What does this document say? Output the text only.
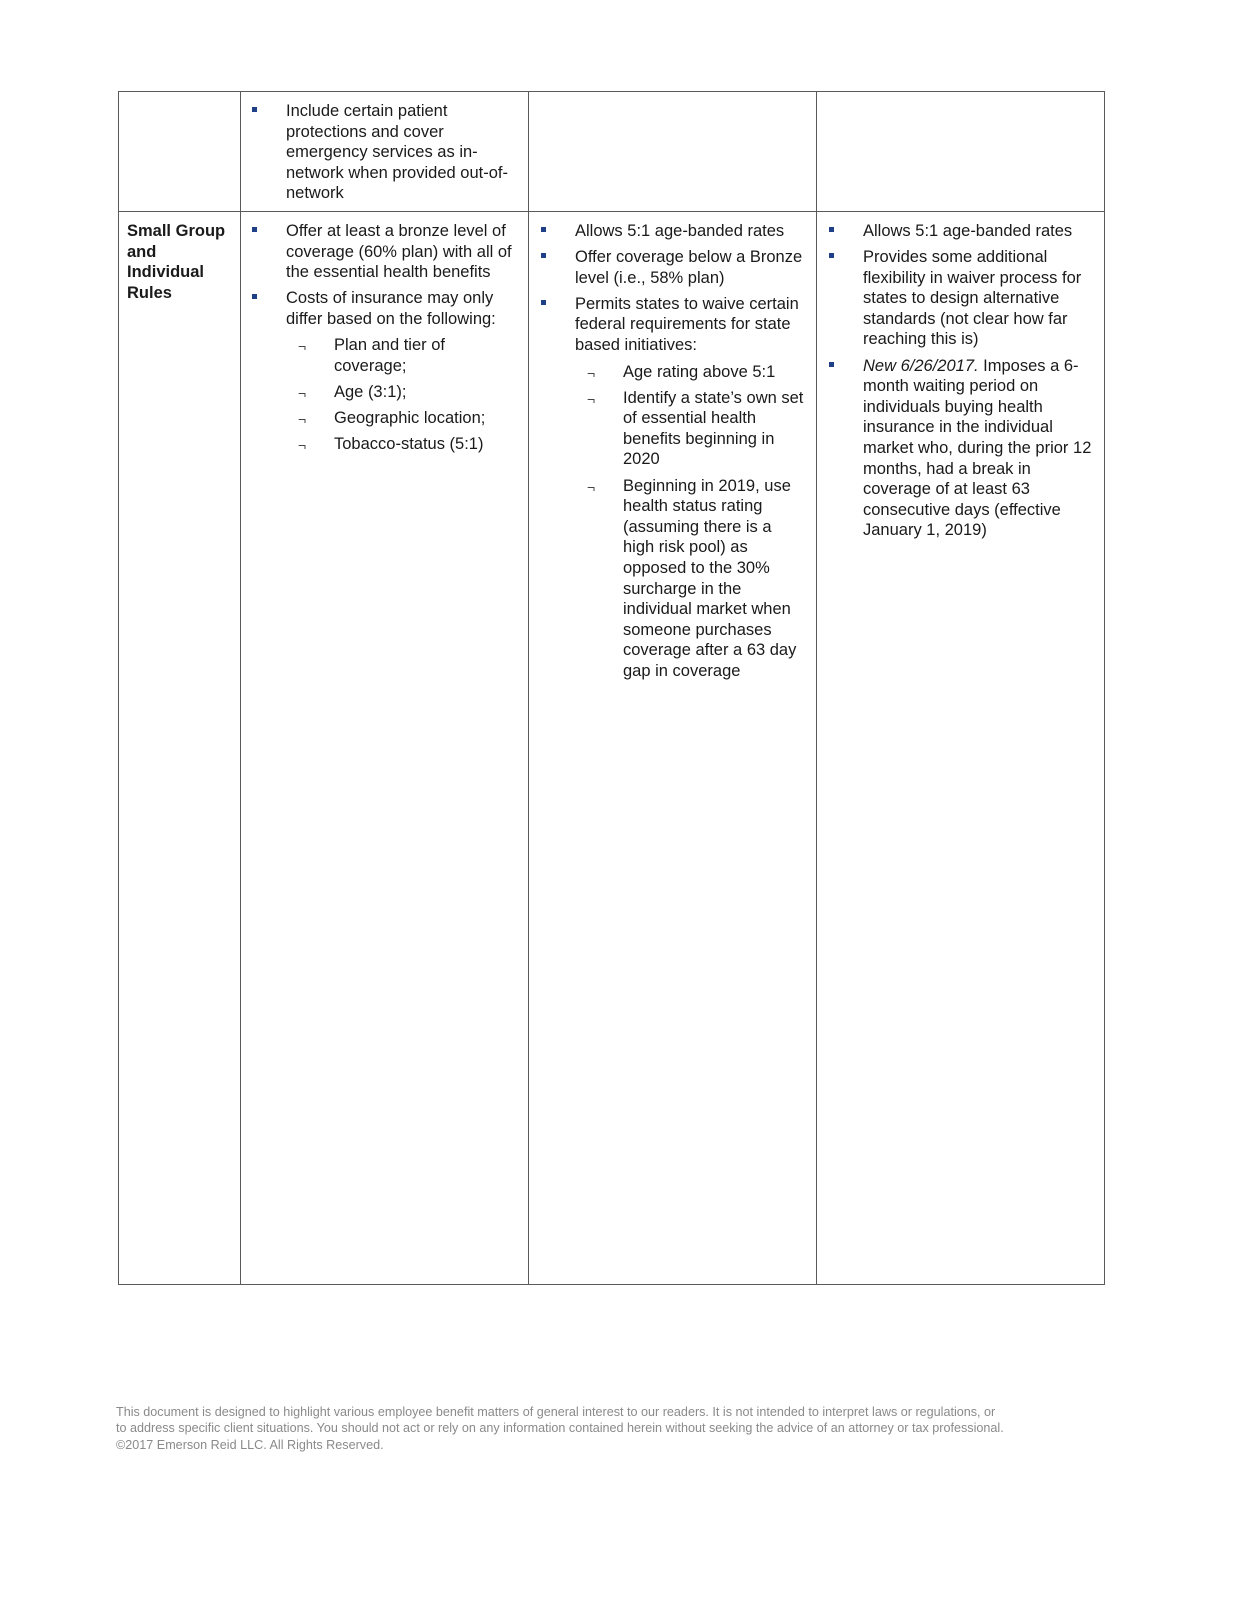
Include certain patient protections and cover emergency services as in-network when provided out-of-network
Small Group and Individual Rules
Offer at least a bronze level of coverage (60% plan) with all of the essential health benefits
Costs of insurance may only differ based on the following:
¬ Plan and tier of coverage;
¬ Age (3:1);
¬ Geographic location;
¬ Tobacco-status (5:1)
Allows 5:1 age-banded rates
Offer coverage below a Bronze level (i.e., 58% plan)
Permits states to waive certain federal requirements for state based initiatives:
¬ Age rating above 5:1
¬ Identify a state’s own set of essential health benefits beginning in 2020
¬ Beginning in 2019, use health status rating (assuming there is a high risk pool) as opposed to the 30% surcharge in the individual market when someone purchases coverage after a 63 day gap in coverage
Allows 5:1 age-banded rates
Provides some additional flexibility in waiver process for states to design alternative standards (not clear how far reaching this is)
New 6/26/2017. Imposes a 6-month waiting period on individuals buying health insurance in the individual market who, during the prior 12 months, had a break in coverage of at least 63 consecutive days (effective January 1, 2019)
This document is designed to highlight various employee benefit matters of general interest to our readers. It is not intended to interpret laws or regulations, or
to address specific client situations. You should not act or rely on any information contained herein without seeking the advice of an attorney or tax professional.
©2017 Emerson Reid LLC. All Rights Reserved.
